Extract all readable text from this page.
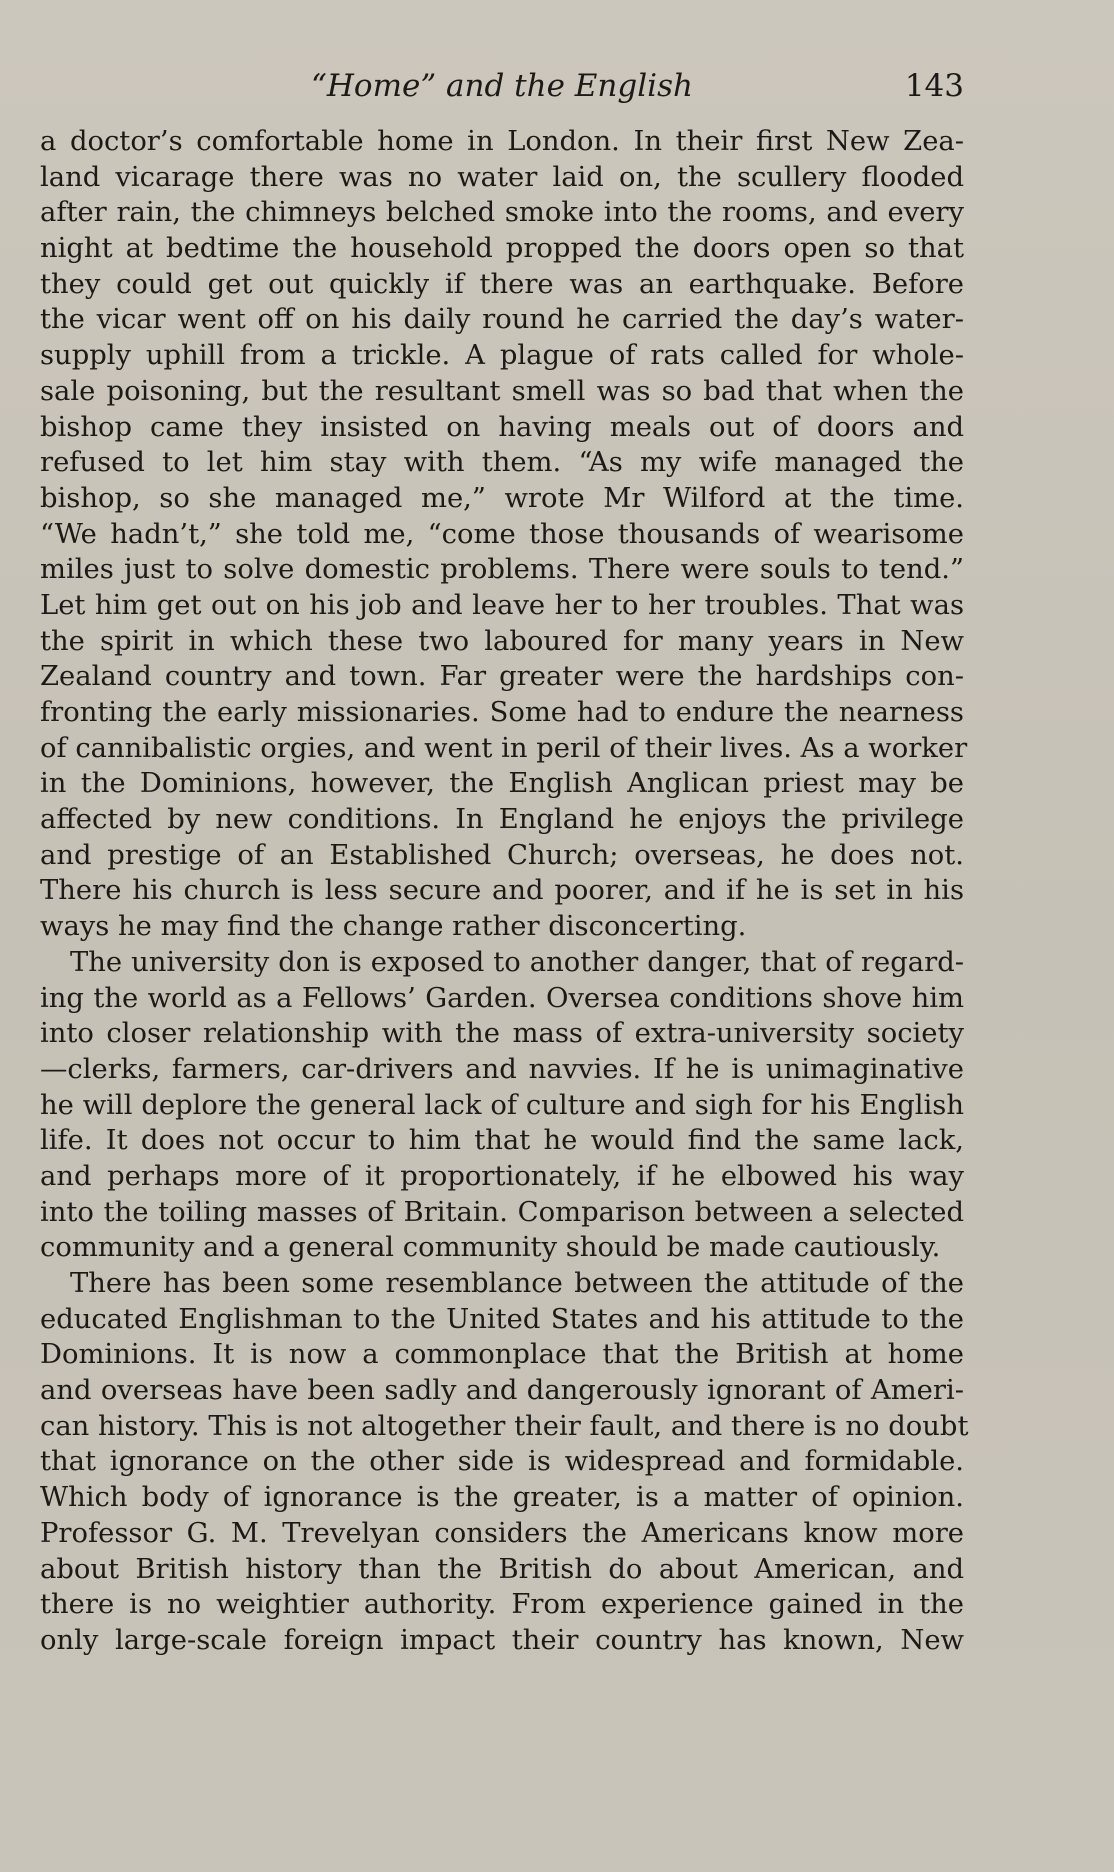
“Home” and the English	143
a doctor’s comfortable home in London. In their first New Zea-
land vicarage there was no water laid on, the scullery flooded
after rain, the chimneys belched smoke into the rooms, and every
night at bedtime the household propped the doors open so that
they could get out quickly if there was an earthquake. Before
the vicar went off on his daily round he carried the day’s water-
supply uphill from a trickle. A plague of rats called for whole-
sale poisoning, but the resultant smell was so bad that when the
bishop came they insisted on having meals out of doors and
refused to let him stay with them. “As my wife managed the
bishop, so she managed me,” wrote Mr Wilford at the time.
“We hadn’t,” she told me, “come those thousands of wearisome
miles just to solve domestic problems. There were souls to tend.”
Let him get out on his job and leave her to her troubles. That was
the spirit in which these two laboured for many years in New
Zealand country and town. Far greater were the hardships con-
fronting the early missionaries. Some had to endure the nearness
of cannibalistic orgies, and went in peril of their lives. As a worker
in the Dominions, however, the English Anglican priest may be
affected by new conditions. In England he enjoys the privilege
and prestige of an Established Church; overseas, he does not.
There his church is less secure and poorer, and if he is set in his
ways he may find the change rather disconcerting.
The university don is exposed to another danger, that of regard-
ing the world as a Fellows’ Garden. Oversea conditions shove him
into closer relationship with the mass of extra-university society
—clerks, farmers, car-drivers and navvies. If he is unimaginative
he will deplore the general lack of culture and sigh for his English
life. It does not occur to him that he would find the same lack,
and perhaps more of it proportionately, if he elbowed his way
into the toiling masses of Britain. Comparison between a selected
community and a general community should be made cautiously.
There has been some resemblance between the attitude of the
educated Englishman to the United States and his attitude to the
Dominions. It is now a commonplace that the British at home
and overseas have been sadly and dangerously ignorant of Ameri-
can history. This is not altogether their fault, and there is no doubt
that ignorance on the other side is widespread and formidable.
Which body of ignorance is the greater, is a matter of opinion.
Professor G. M. Trevelyan considers the Americans know more
about British history than the British do about American, and
there is no weightier authority. From experience gained in the
only large-scale foreign impact their country has known, New
